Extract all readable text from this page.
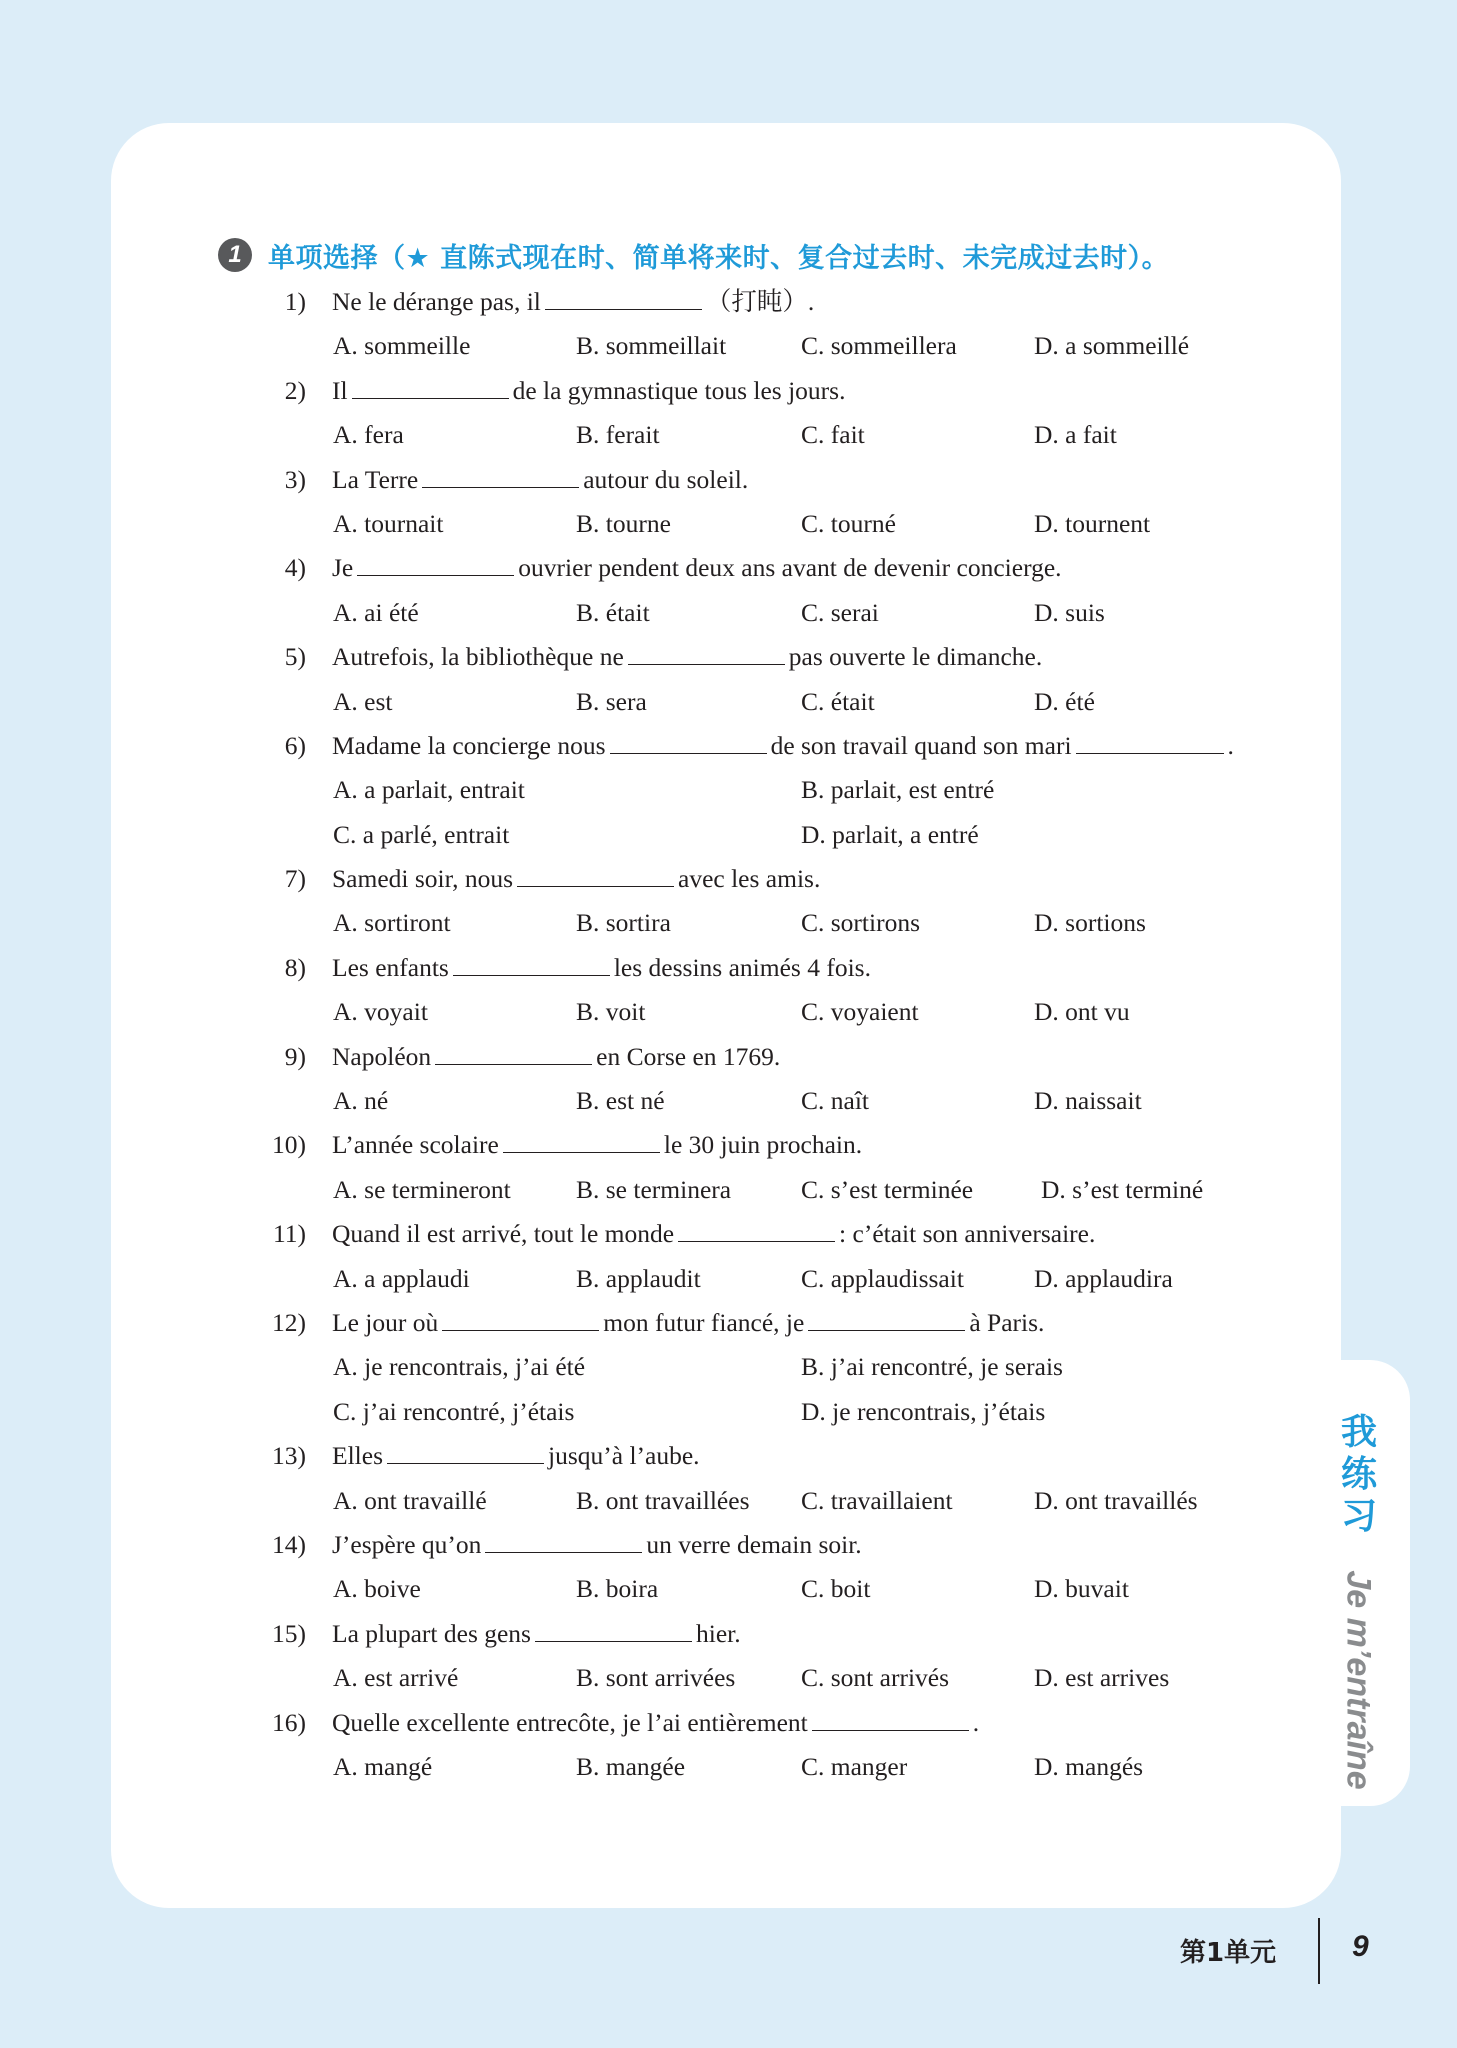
我练习
Je m’entraîne
1 单项选择（★ 直陈式现在时、简单将来时、复合过去时、未完成过去时）。
1) Ne le dérange pas, il	（打盹）.
A. sommeille	B. sommeillait	C. sommeillera	D. a sommeillé
2) Il	de la gymnastique tous les jours.
A. fera	B. ferait	C. fait	D. a fait
3) La Terre	autour du soleil.
A. tournait	B. tourne	C. tourné	D. tournent
4) Je	ouvrier pendent deux ans avant de devenir concierge.
A. ai été	B. était	C. serai	D. suis
5) Autrefois, la bibliothèque ne	pas ouverte le dimanche.
A. est	B. sera	C. était	D. été
6) Madame la concierge nous	de son travail quand son mari	.
A. a parlait, entrait	B. parlait, est entré
C. a parlé, entrait	D. parlait, a entré
7) Samedi soir, nous	avec les amis.
A. sortiront	B. sortira	C. sortirons	D. sortions
8) Les enfants	les dessins animés 4 fois.
A. voyait	B. voit	C. voyaient	D. ont vu
9) Napoléon	en Corse en 1769.
A. né	B. est né	C. naît	D. naissait
10) L’année scolaire	le 30 juin prochain.
A. se termineront	B. se terminera	C. s’est terminée	D. s’est terminé
11) Quand il est arrivé, tout le monde	: c’était son anniversaire.
A. a applaudi	B. applaudit	C. applaudissait	D. applaudira
12) Le jour où	mon futur fiancé, je	à Paris.
A. je rencontrais, j’ai été	B. j’ai rencontré, je serais
C. j’ai rencontré, j’étais	D. je rencontrais, j’étais
13) Elles	jusqu’à l’aube.
A. ont travaillé	B. ont travaillées C. travaillaient	D. ont travaillés
14) J’espère qu’on	un verre demain soir.
A. boive	B. boira	C. boit	D. buvait
15) La plupart des gens	hier.
A. est arrivé	B. sont arrivées	C. sont arrivés	D. est arrives
16) Quelle excellente entrecôte, je l’ai entièrement	.
A. mangé	B. mangée	C. manger	D. mangés
第1单元	9
